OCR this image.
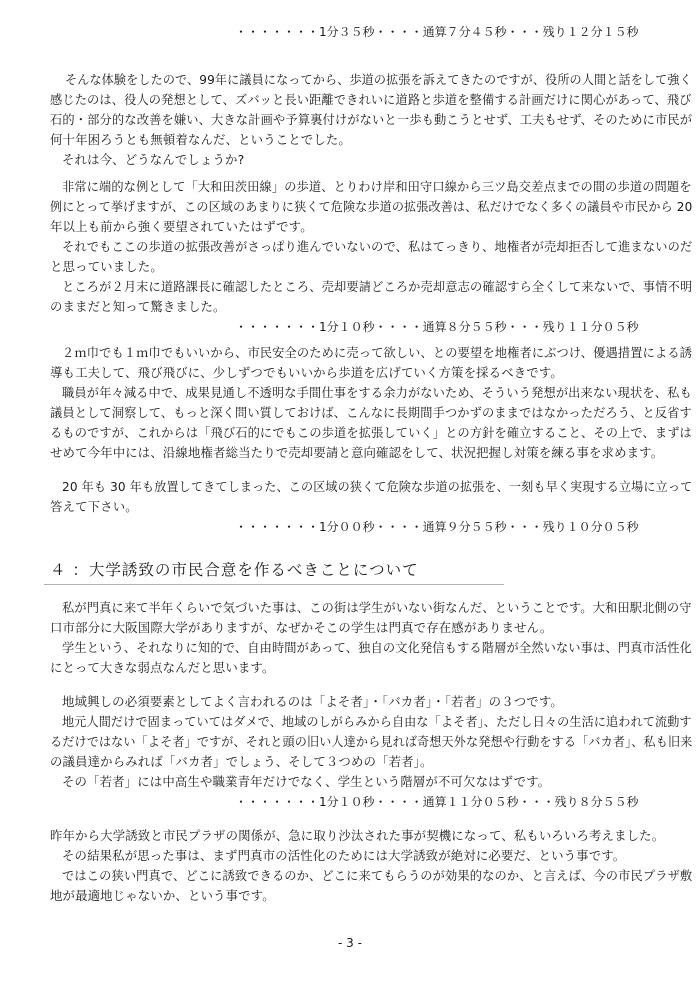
・・・・・・・1分３５秒・・・・通算７分４５秒・・・残り１２分１５秒
そんな体験をしたので、99年に議員になってから、歩道の拡張を訴えてきたのですが、役所の人間と話をして強く
感じたのは、役人の発想として、ズバッと長い距離できれいに道路と歩道を整備する計画だけに関心があって、飛び
石的・部分的な改善を嫌い、大きな計画や予算裏付けがないと一歩も動こうとせず、工夫もせず、そのために市民が
何十年困ろうとも無頓着なんだ、ということでした。
それは今、どうなんでしょうか?
非常に端的な例として「大和田茨田線」の歩道、とりわけ岸和田守口線から三ツ島交差点までの間の歩道の問題を
例にとって挙げますが、この区域のあまりに狭くて危険な歩道の拡張改善は、私だけでなく多くの議員や市民から 20
年以上も前から強く要望されていたはずです。
それでもここの歩道の拡張改善がさっぱり進んでいないので、私はてっきり、地権者が売却拒否して進まないのだ
と思っていました。
ところが２月末に道路課長に確認したところ、売却要請どころか売却意志の確認すら全くして来ないで、事情不明
のままだと知って驚きました。
・・・・・・・1分１０秒・・・・通算８分５５秒・・・残り１１分０５秒
２ｍ巾でも１ｍ巾でもいいから、市民安全のために売って欲しい、との要望を地権者にぶつけ、優遇措置による誘
導も工夫して、飛び飛びに、少しずつでもいいから歩道を広げていく方策を採るべきです。
職員が年々減る中で、成果見通し不透明な手間仕事をする余力がないため、そういう発想が出来ない現状を、私も
議員として洞察して、もっと深く問い質しておけば、こんなに長期間手つかずのままではなかっただろう、と反省す
るものですが、これからは「飛び石的にでもこの歩道を拡張していく」との方針を確立すること、その上で、まずは
せめて今年中には、沿線地権者総当たりで売却要請と意向確認をして、状況把握し対策を練る事を求めます。
20 年も 30 年も放置してきてしまった、この区域の狭くて危険な歩道の拡張を、一刻も早く実現する立場に立って
答えて下さい。
・・・・・・・1分００秒・・・・通算９分５５秒・・・残り１０分０５秒
４ ：大学誘致の市民合意を作るべきことについて
私が門真に来て半年くらいで気づいた事は、この街は学生がいない街なんだ、ということです。大和田駅北側の守
口市部分に大阪国際大学がありますが、なぜかそこの学生は門真で存在感がありません。
学生という、それなりに知的で、自由時間があって、独自の文化発信もする階層が全然いない事は、門真市活性化
にとって大きな弱点なんだと思います。
地域興しの必須要素としてよく言われるのは「よそ者」・「バカ者」・「若者」の３つです。
地元人間だけで固まっていてはダメで、地域のしがらみから自由な「よそ者」、ただし日々の生活に追われて流動す
るだけではない「よそ者」ですが、それと頭の旧い人達から見れば奇想天外な発想や行動をする「バカ者」、私も旧来
の議員達からみれば「バカ者」でしょう、そして３つめの「若者」。
その「若者」には中高生や職業青年だけでなく、学生という階層が不可欠なはずです。
・・・・・・・1分１０秒・・・・通算１１分０５秒・・・残り８分５５秒
昨年から大学誘致と市民プラザの関係が、急に取り沙汰された事が契機になって、私もいろいろ考えました。
その結果私が思った事は、まず門真市の活性化のためには大学誘致が絶対に必要だ、という事です。
ではこの狭い門真で、どこに誘致できるのか、どこに来てもらうのが効果的なのか、と言えば、今の市民プラザ敷
地が最適地じゃないか、という事です。
- 3 -
